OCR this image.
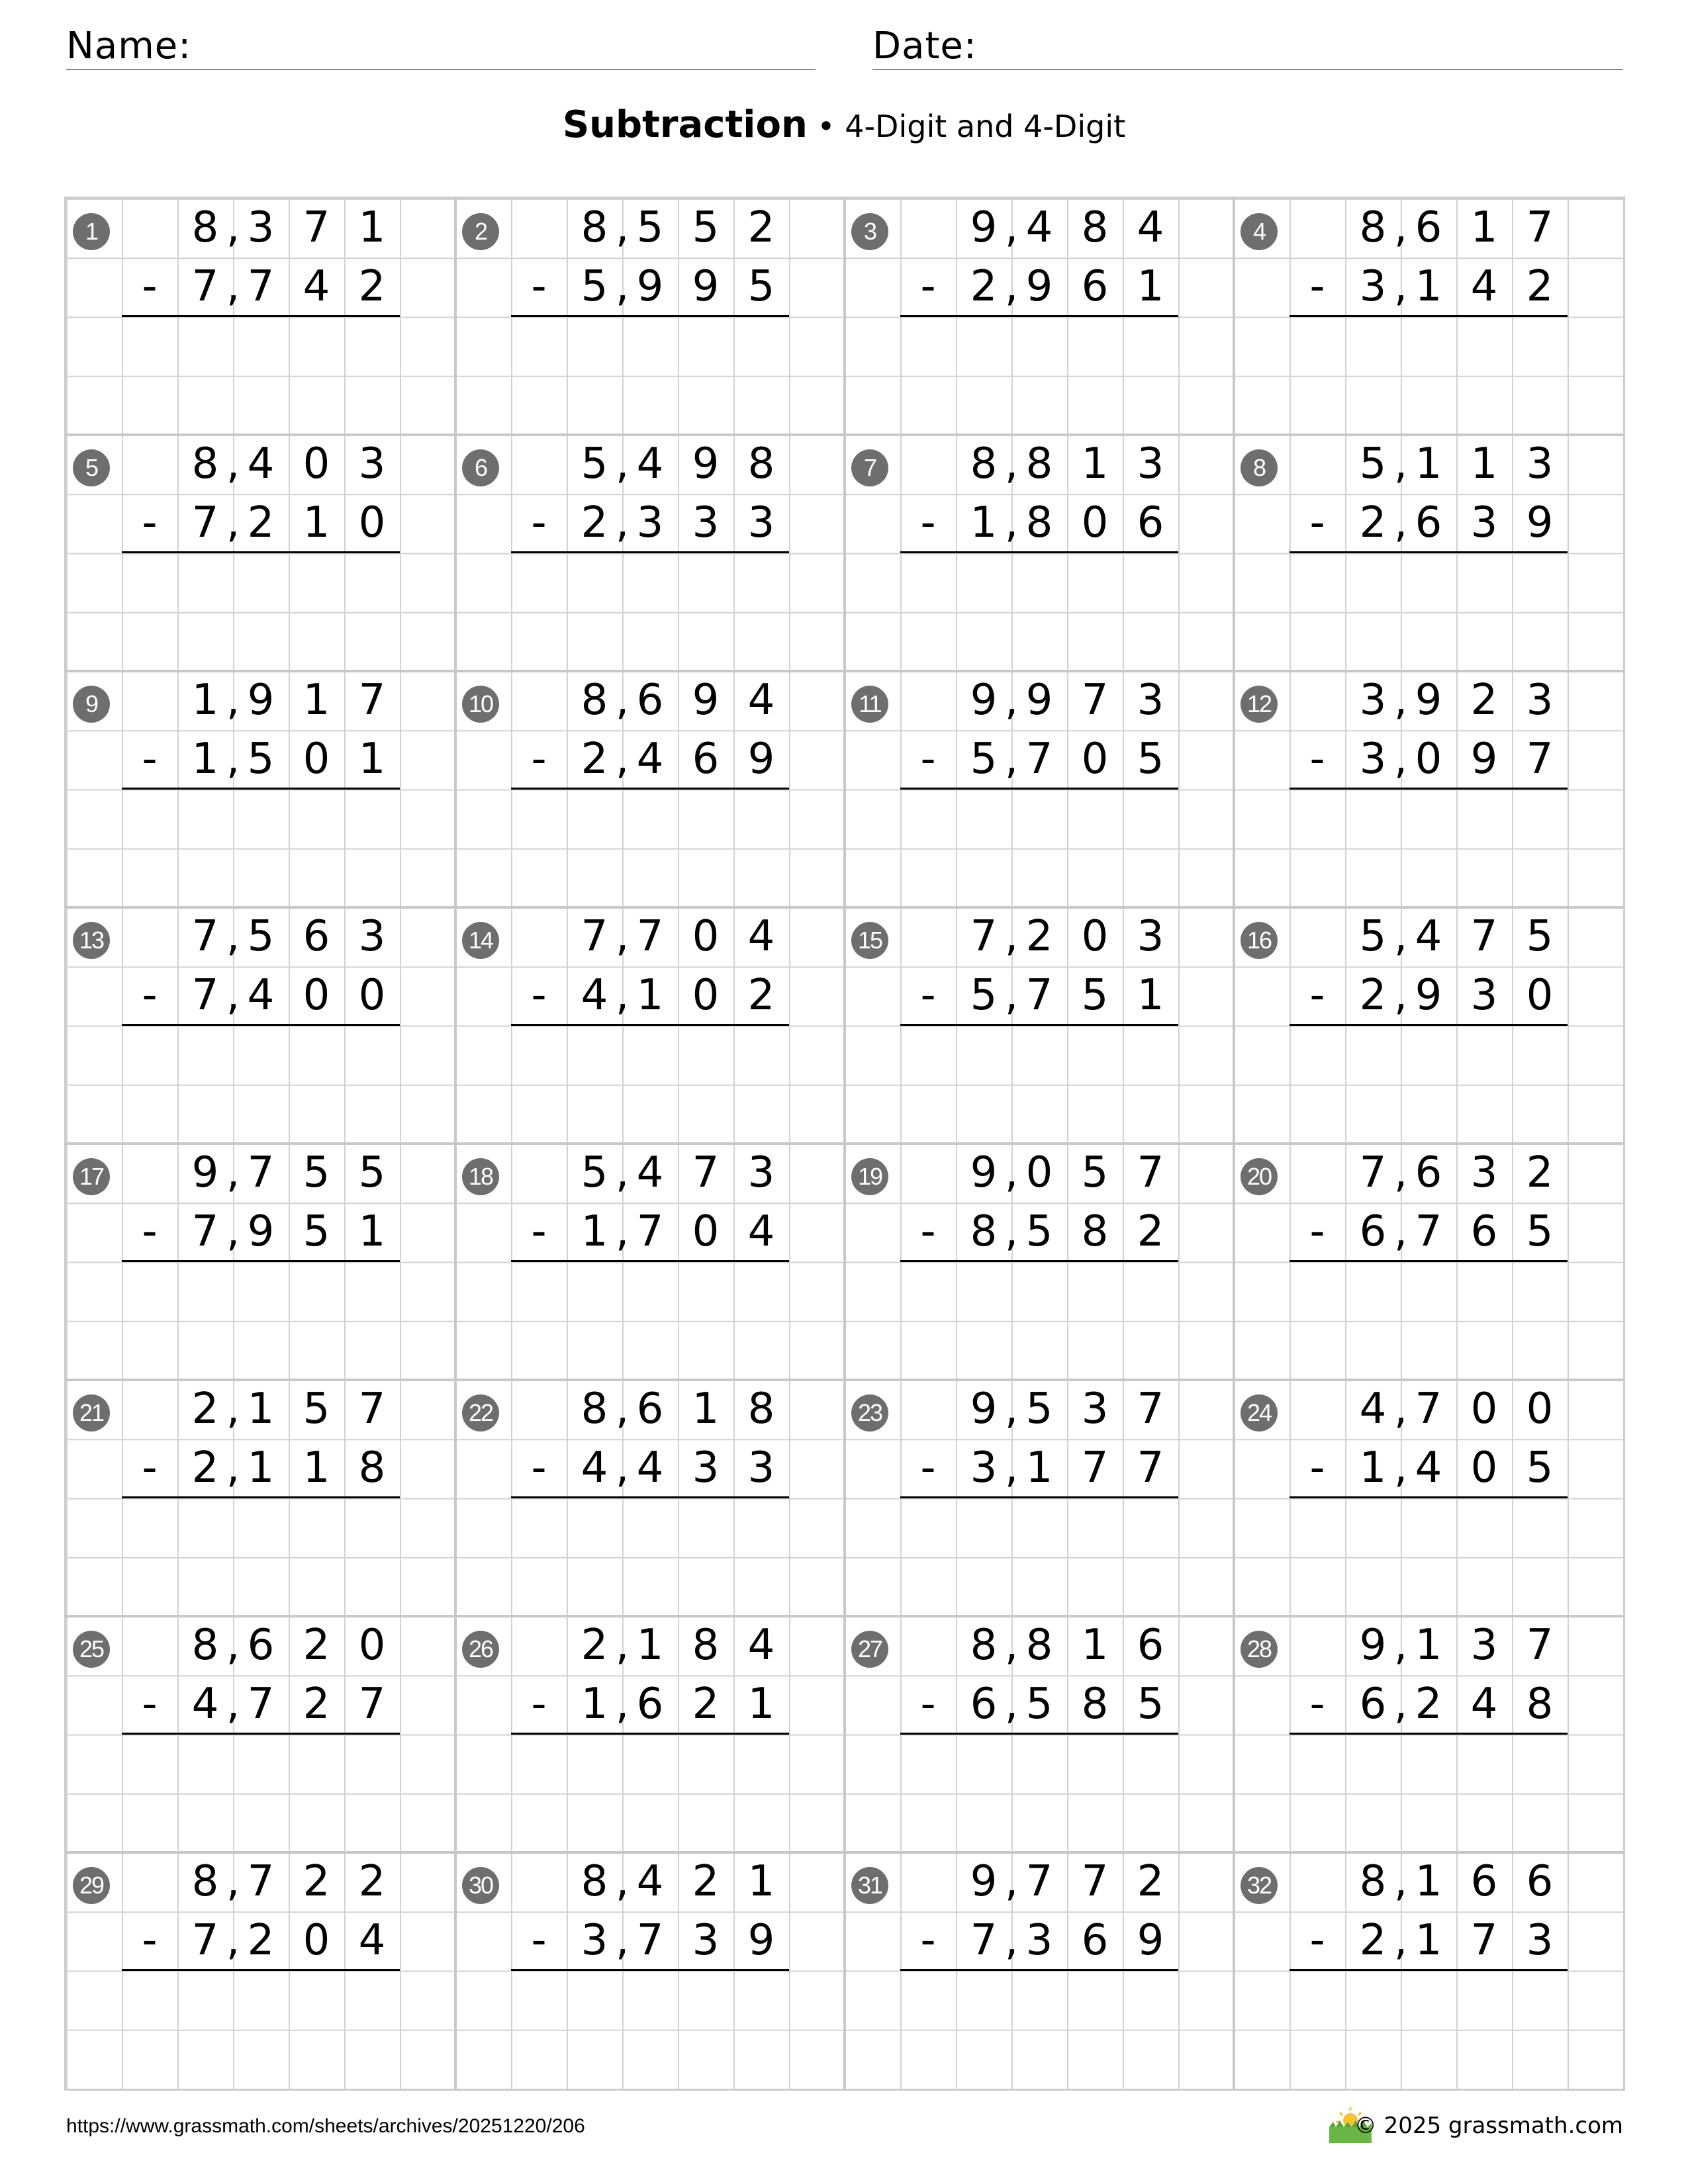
Name:	Date:
Subtraction • 4-Digit and 4-Digit
1	8 3 7 1
,
- 7 7 4 2
,
2	8 5 5 2
,
- 5 9 9 5
,
3	9 4 8 4
,
- 2 9 6 1
,
4	8 6 1 7
,
- 3 1 4 2
,
5	8 4 0 3
,
- 7 2 1 0
,
6	5 4 9 8
,
- 2 3 3 3
,
7	8 8 1 3
,
- 1 8 0 6
,
8	5 1 1 3
,
- 2 6 3 9
,
9	1 9 1 7
,
- 1 5 0 1
,
10	8 6 9 4
,
- 2 4 6 9
,
11	9 9 7 3
,
- 5 7 0 5
,
12	3 9 2 3
,
- 3 0 9 7
,
13	7 5 6 3
,
- 7 4 0 0
,
14	7 7 0 4
,
- 4 1 0 2
,
15	7 2 0 3
,
- 5 7 5 1
,
16	5 4 7 5
,
- 2 9 3 0
,
17	9 7 5 5
,
- 7 9 5 1
,
18	5 4 7 3
,
- 1 7 0 4
,
19	9 0 5 7
,
- 8 5 8 2
,
20	7 6 3 2
,
- 6 7 6 5
,
21	2 1 5 7
,
- 2 1 1 8
,
22	8 6 1 8
,
- 4 4 3 3
,
23	9 5 3 7
,
- 3 1 7 7
,
24	4 7 0 0
,
- 1 4 0 5
,
25	8 6 2 0
,
- 4 7 2 7
,
26	2 1 8 4
,
- 1 6 2 1
,
27	8 8 1 6
,
- 6 5 8 5
,
28	9 1 3 7
,
- 6 2 4 8
,
29	8 7 2 2
,
- 7 2 0 4
,
30	8 4 2 1
,
- 3 7 3 9
,
31	9 7 7 2
,
- 7 3 6 9
,
32	8 1 6 6
,
- 2 1 7 3
,
https://www.grassmath.com/sheets/archives/20251220/206	© 2025 grassmath.com
